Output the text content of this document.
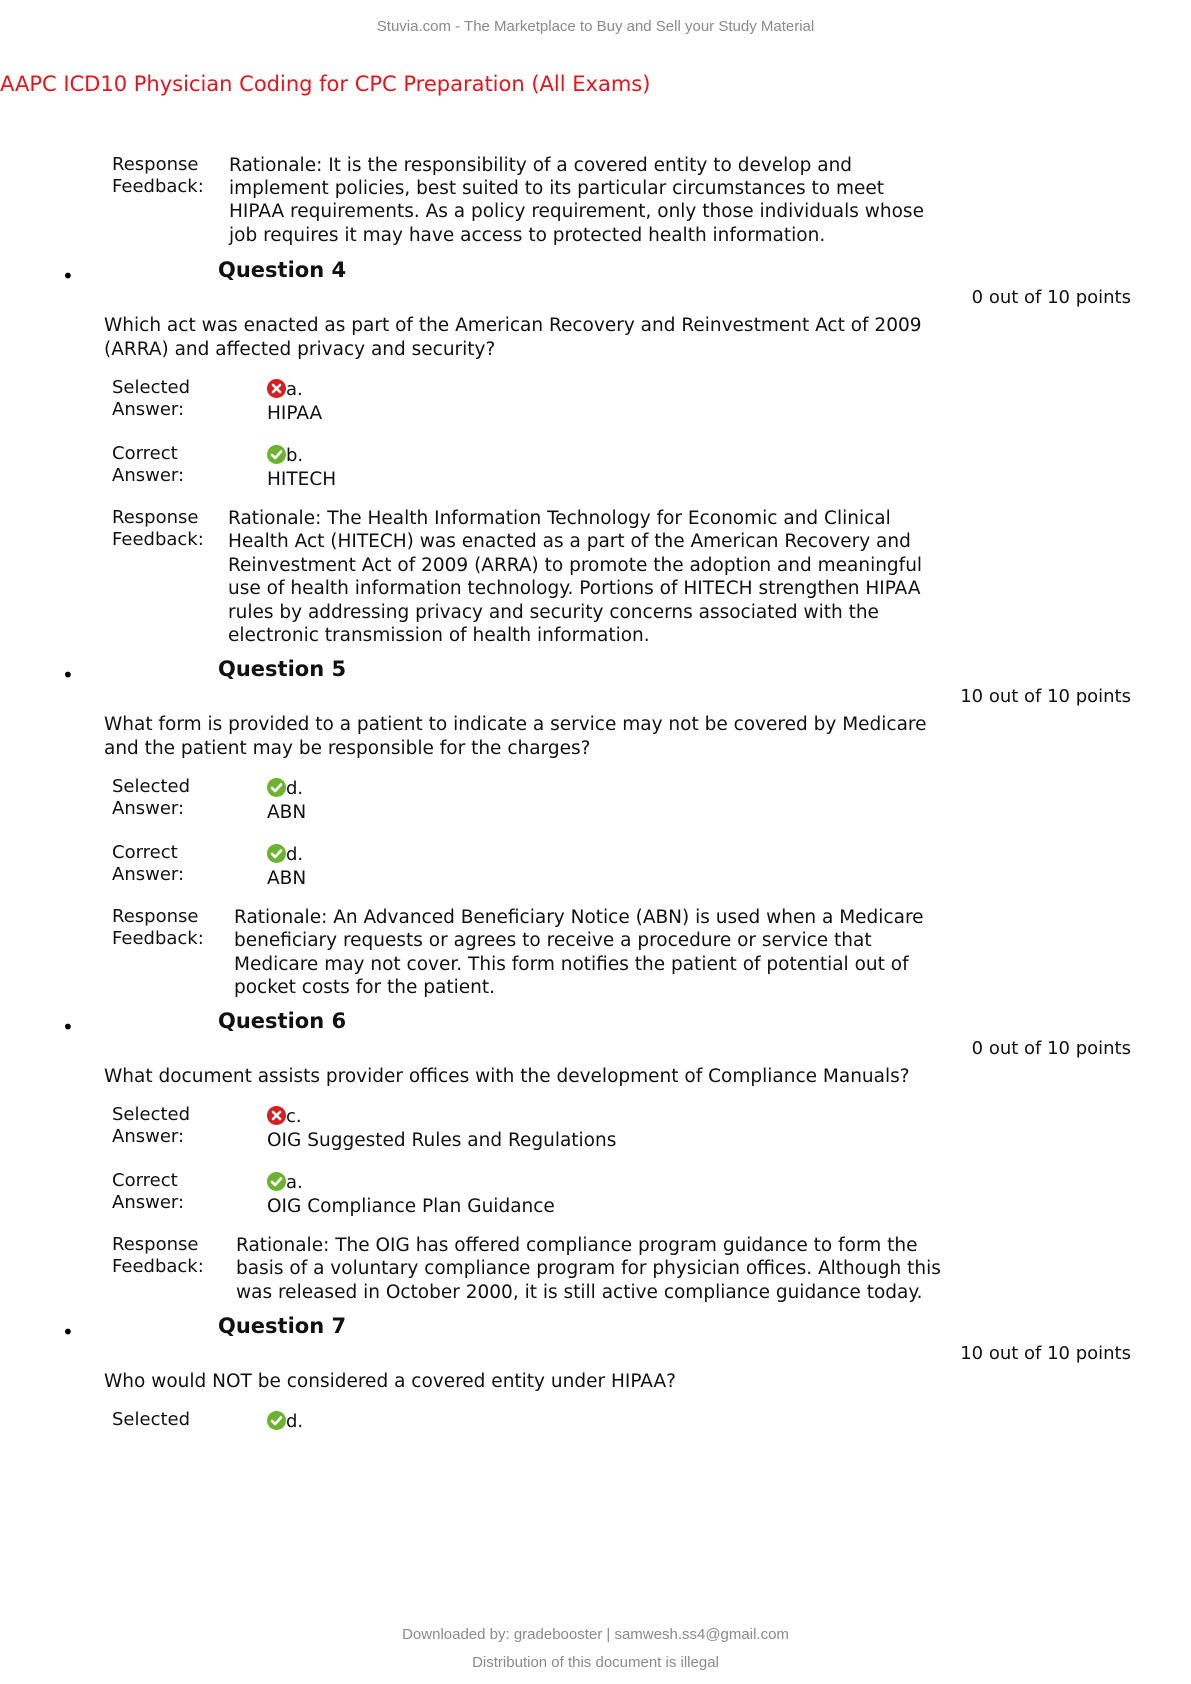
Stuvia.com - The Marketplace to Buy and Sell your Study Material
AAPC ICD10 Physician Coding for CPC Preparation (All Exams)
Response
Feedback:
Rationale: It is the responsibility of a covered entity to develop and
implement policies, best suited to its particular circumstances to meet
HIPAA requirements. As a policy requirement, only those individuals whose
job requires it may have access to protected health information.
•	Question 4
0 out of 10 points
Which act was enacted as part of the American Recovery and Reinvestment Act of 2009
(ARRA) and affected privacy and security?
Selected
Answer:
a.
HIPAA
Correct
Answer:
b.
HITECH
Response
Feedback:
Rationale: The Health Information Technology for Economic and Clinical
Health Act (HITECH) was enacted as a part of the American Recovery and
Reinvestment Act of 2009 (ARRA) to promote the adoption and meaningful
use of health information technology. Portions of HITECH strengthen HIPAA
rules by addressing privacy and security concerns associated with the
electronic transmission of health information.
•	Question 5
10 out of 10 points
What form is provided to a patient to indicate a service may not be covered by Medicare
and the patient may be responsible for the charges?
Selected
Answer:
d.
ABN
Correct
Answer:
d.
ABN
Response
Feedback:
Rationale: An Advanced Beneficiary Notice (ABN) is used when a Medicare
beneficiary requests or agrees to receive a procedure or service that
Medicare may not cover. This form notifies the patient of potential out of
pocket costs for the patient.
•	Question 6
0 out of 10 points
What document assists provider offices with the development of Compliance Manuals?
Selected
Answer:
c.
OIG Suggested Rules and Regulations
Correct
Answer:
a.
OIG Compliance Plan Guidance
Response
Feedback:
Rationale: The OIG has offered compliance program guidance to form the
basis of a voluntary compliance program for physician offices. Although this
was released in October 2000, it is still active compliance guidance today.
•	Question 7
10 out of 10 points
Who would NOT be considered a covered entity under HIPAA?
Selected	d.
Downloaded by: gradebooster | samwesh.ss4@gmail.com
Distribution of this document is illegal
